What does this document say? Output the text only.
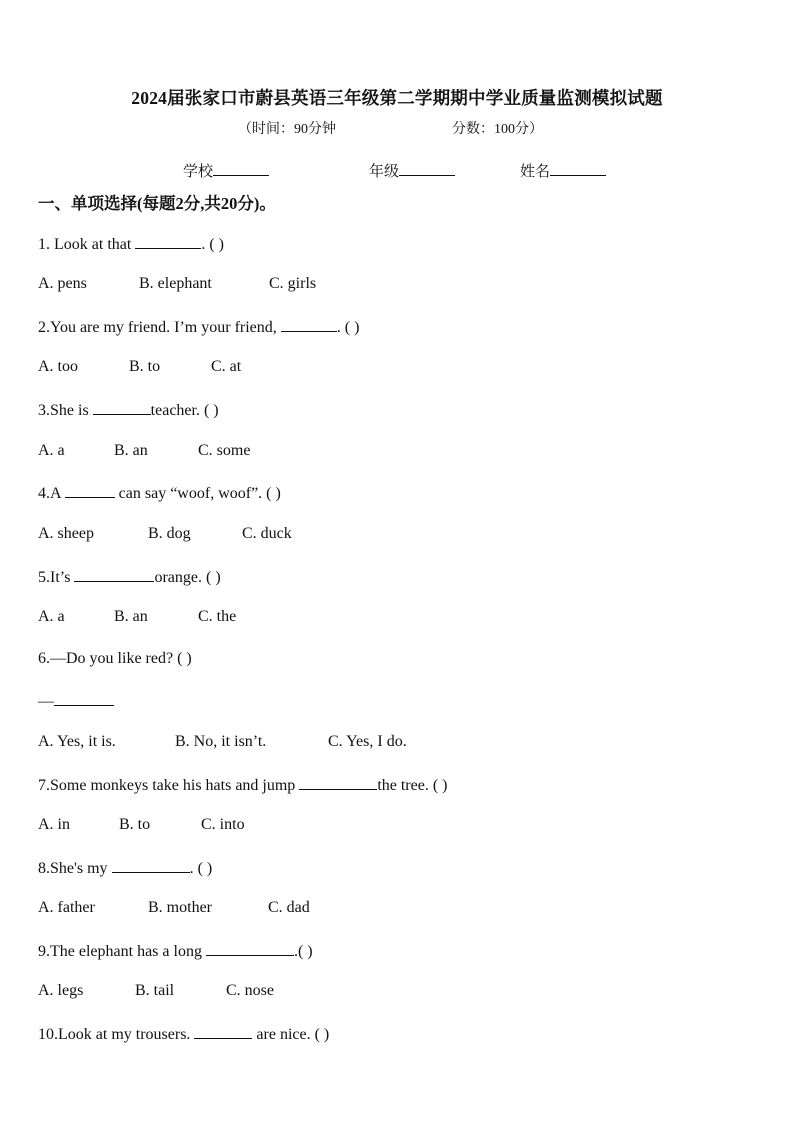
2024届张家口市蔚县英语三年级第二学期期中学业质量监测模拟试题
（时间：90分钟	分数：100分）
学校	年级	姓名
一、单项选择(每题2分,共20分)。
1. Look at that	. ( )
A. pens	B. elephant	C. girls
2.You are my friend. I’m your friend,	. ( )
A. too	B. to	C. at
3.She is	teacher. ( )
A. a	B. an	C. some
4.A	can say “woof, woof”. ( )
A. sheep	B. dog	C. duck
5.It’s	orange. ( )
A. a	B. an	C. the
6.—Do you like red? ( )
—
A. Yes, it is.	B. No, it isn’t.	C. Yes, I do.
7.Some monkeys take his hats and jump	the tree. ( )
A. in	B. to	C. into
8.She's my	. ( )
A. father	B. mother	C. dad
9.The elephant has a long	.( )
A. legs	B. tail	C. nose
10.Look at my trousers.	are nice. ( )
